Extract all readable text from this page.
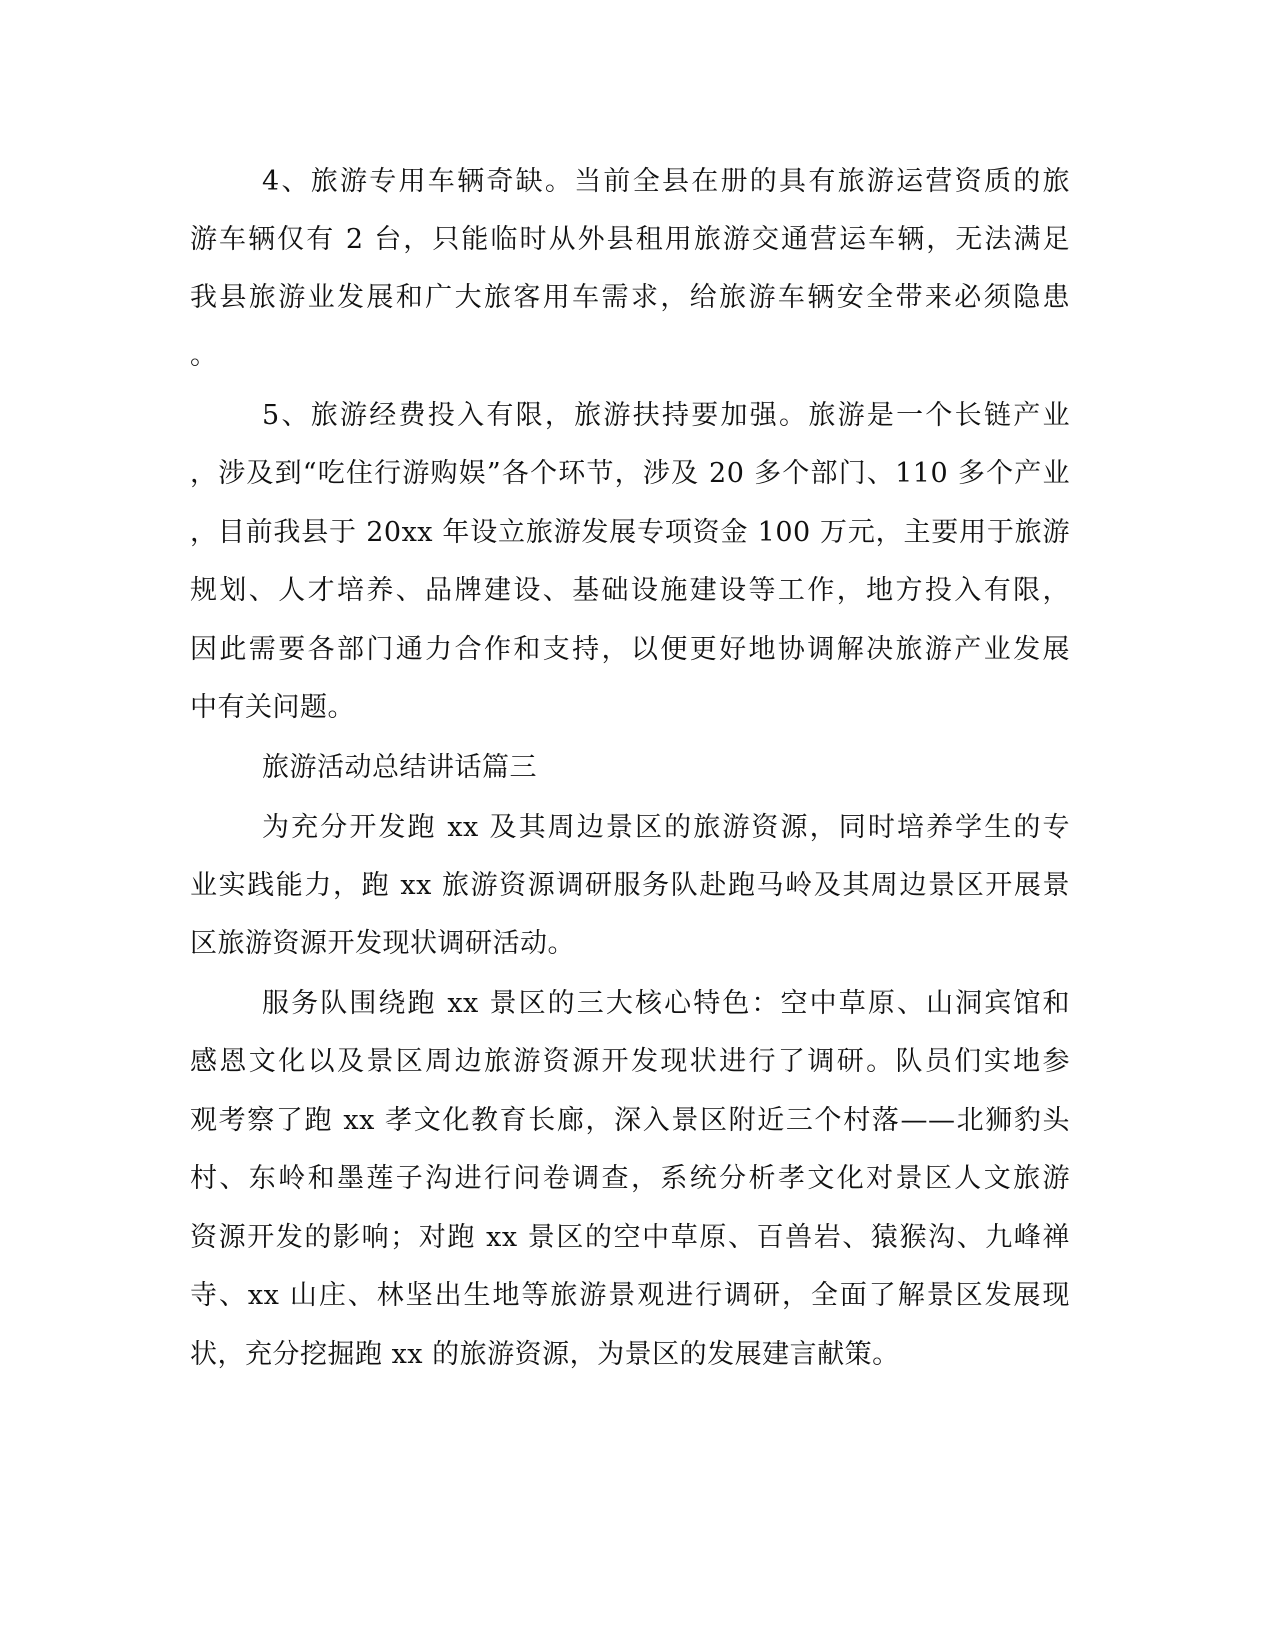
4、旅游专用车辆奇缺。当前全县在册的具有旅游运营资质的旅
游车辆仅有 2 台，只能临时从外县租用旅游交通营运车辆，无法满足
我县旅游业发展和广大旅客用车需求，给旅游车辆安全带来必须隐患
。
5、旅游经费投入有限，旅游扶持要加强。旅游是一个长链产业
，涉及到“吃住行游购娱”各个环节，涉及 20 多个部门、110 多个产业
，目前我县于 20xx 年设立旅游发展专项资金 100 万元，主要用于旅游
规划、人才培养、品牌建设、基础设施建设等工作，地方投入有限，
因此需要各部门通力合作和支持，以便更好地协调解决旅游产业发展
中有关问题。
旅游活动总结讲话篇三
为充分开发跑 xx 及其周边景区的旅游资源，同时培养学生的专
业实践能力，跑 xx 旅游资源调研服务队赴跑马岭及其周边景区开展景
区旅游资源开发现状调研活动。
服务队围绕跑 xx 景区的三大核心特色：空中草原、山洞宾馆和
感恩文化以及景区周边旅游资源开发现状进行了调研。队员们实地参
观考察了跑 xx 孝文化教育长廊，深入景区附近三个村落——北狮豹头
村、东岭和墨莲子沟进行问卷调查，系统分析孝文化对景区人文旅游
资源开发的影响；对跑 xx 景区的空中草原、百兽岩、猿猴沟、九峰禅
寺、xx 山庄、林坚出生地等旅游景观进行调研，全面了解景区发展现
状，充分挖掘跑 xx 的旅游资源，为景区的发展建言献策。
